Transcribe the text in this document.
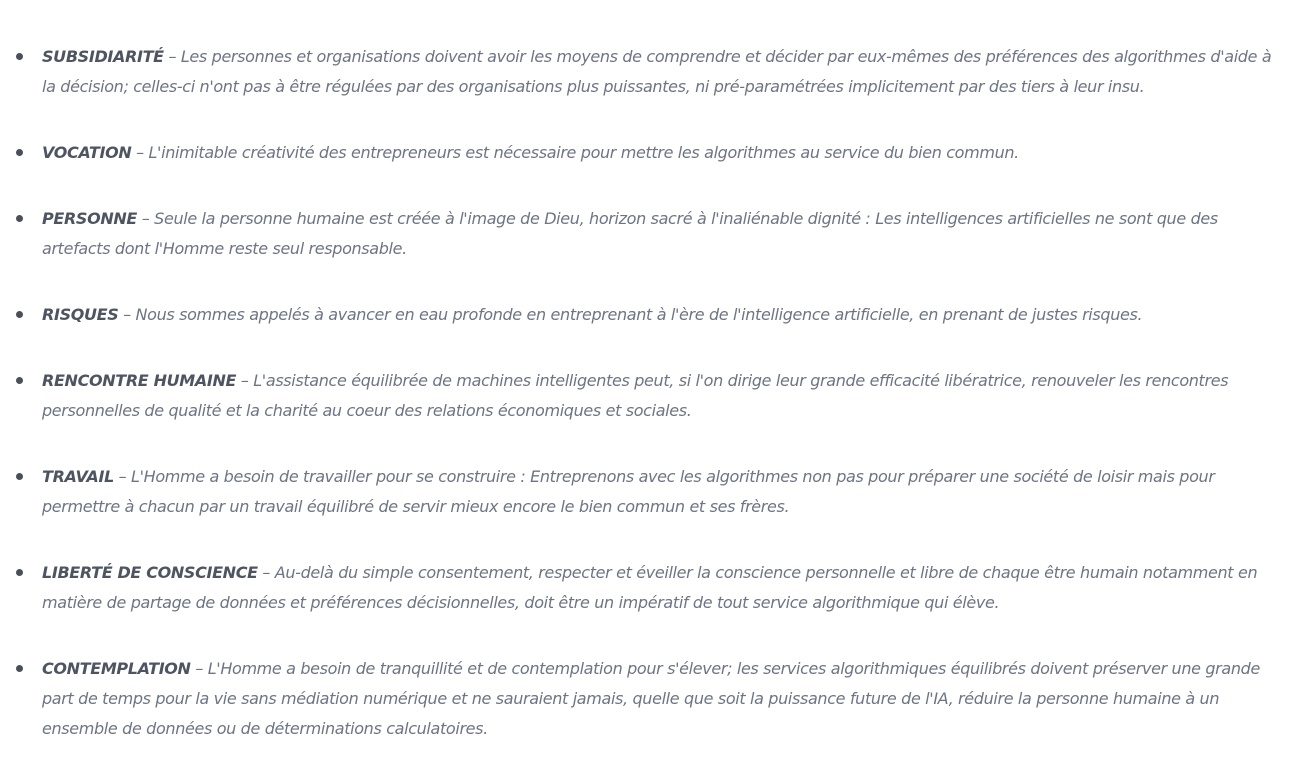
SUBSIDIARITÉ – Les personnes et organisations doivent avoir les moyens de comprendre et décider par eux-mêmes des préférences des algorithmes d'aide à la décision; celles-ci n'ont pas à être régulées par des organisations plus puissantes, ni pré-paramétrées implicitement par des tiers à leur insu.
VOCATION – L'inimitable créativité des entrepreneurs est nécessaire pour mettre les algorithmes au service du bien commun.
PERSONNE – Seule la personne humaine est créée à l'image de Dieu, horizon sacré à l'inaliénable dignité : Les intelligences artificielles ne sont que des artefacts dont l'Homme reste seul responsable.
RISQUES – Nous sommes appelés à avancer en eau profonde en entreprenant à l'ère de l'intelligence artificielle, en prenant de justes risques.
RENCONTRE HUMAINE – L'assistance équilibrée de machines intelligentes peut, si l'on dirige leur grande efficacité libératrice, renouveler les rencontres personnelles de qualité et la charité au coeur des relations économiques et sociales.
TRAVAIL – L'Homme a besoin de travailler pour se construire : Entreprenons avec les algorithmes non pas pour préparer une société de loisir mais pour permettre à chacun par un travail équilibré de servir mieux encore le bien commun et ses frères.
LIBERTÉ DE CONSCIENCE – Au-delà du simple consentement, respecter et éveiller la conscience personnelle et libre de chaque être humain notamment en matière de partage de données et préférences décisionnelles, doit être un impératif de tout service algorithmique qui élève.
CONTEMPLATION – L'Homme a besoin de tranquillité et de contemplation pour s'élever; les services algorithmiques équilibrés doivent préserver une grande part de temps pour la vie sans médiation numérique et ne sauraient jamais, quelle que soit la puissance future de l'IA, réduire la personne humaine à un ensemble de données ou de déterminations calculatoires.
